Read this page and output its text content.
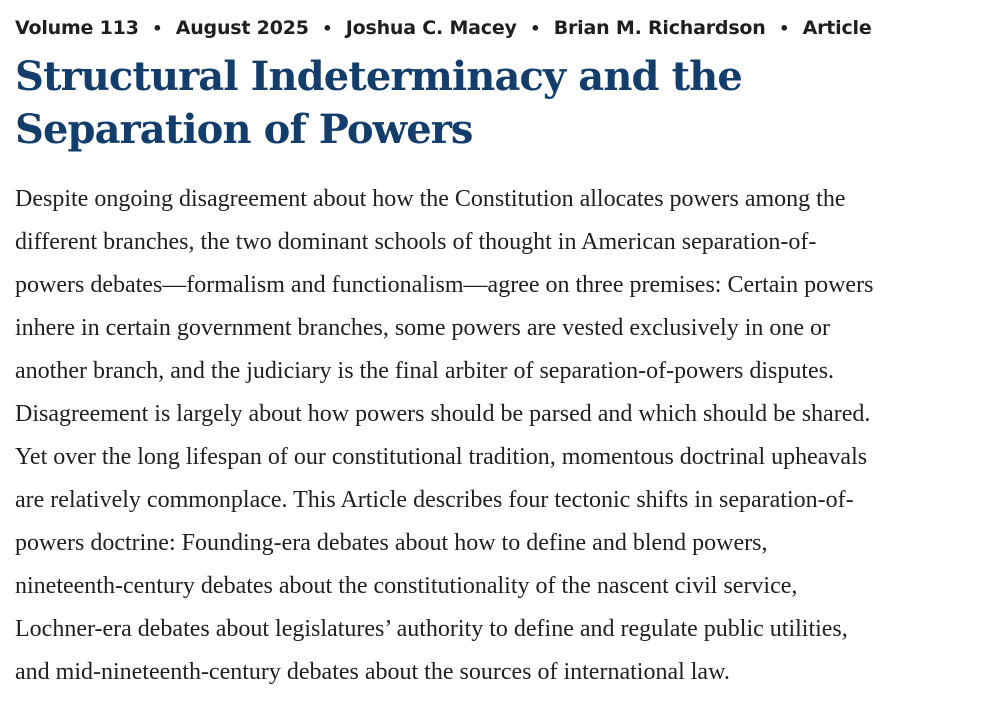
Volume 113 • August 2025 • Joshua C. Macey • Brian M. Richardson • Article
Structural Indeterminacy and the Separation of Powers

Despite ongoing disagreement about how the Constitution allocates powers among the
different branches, the two dominant schools of thought in American separation-of-
powers debates—formalism and functionalism—agree on three premises: Certain powers
inhere in certain government branches, some powers are vested exclusively in one or
another branch, and the judiciary is the final arbiter of separation-of-powers disputes.
Disagreement is largely about how powers should be parsed and which should be shared.
Yet over the long lifespan of our constitutional tradition, momentous doctrinal upheavals
are relatively commonplace. This Article describes four tectonic shifts in separation-of-
powers doctrine: Founding-era debates about how to define and blend powers,
nineteenth-century debates about the constitutionality of the nascent civil service,
Lochner-era debates about legislatures’ authority to define and regulate public utilities,
and mid-nineteenth-century debates about the sources of international law.
